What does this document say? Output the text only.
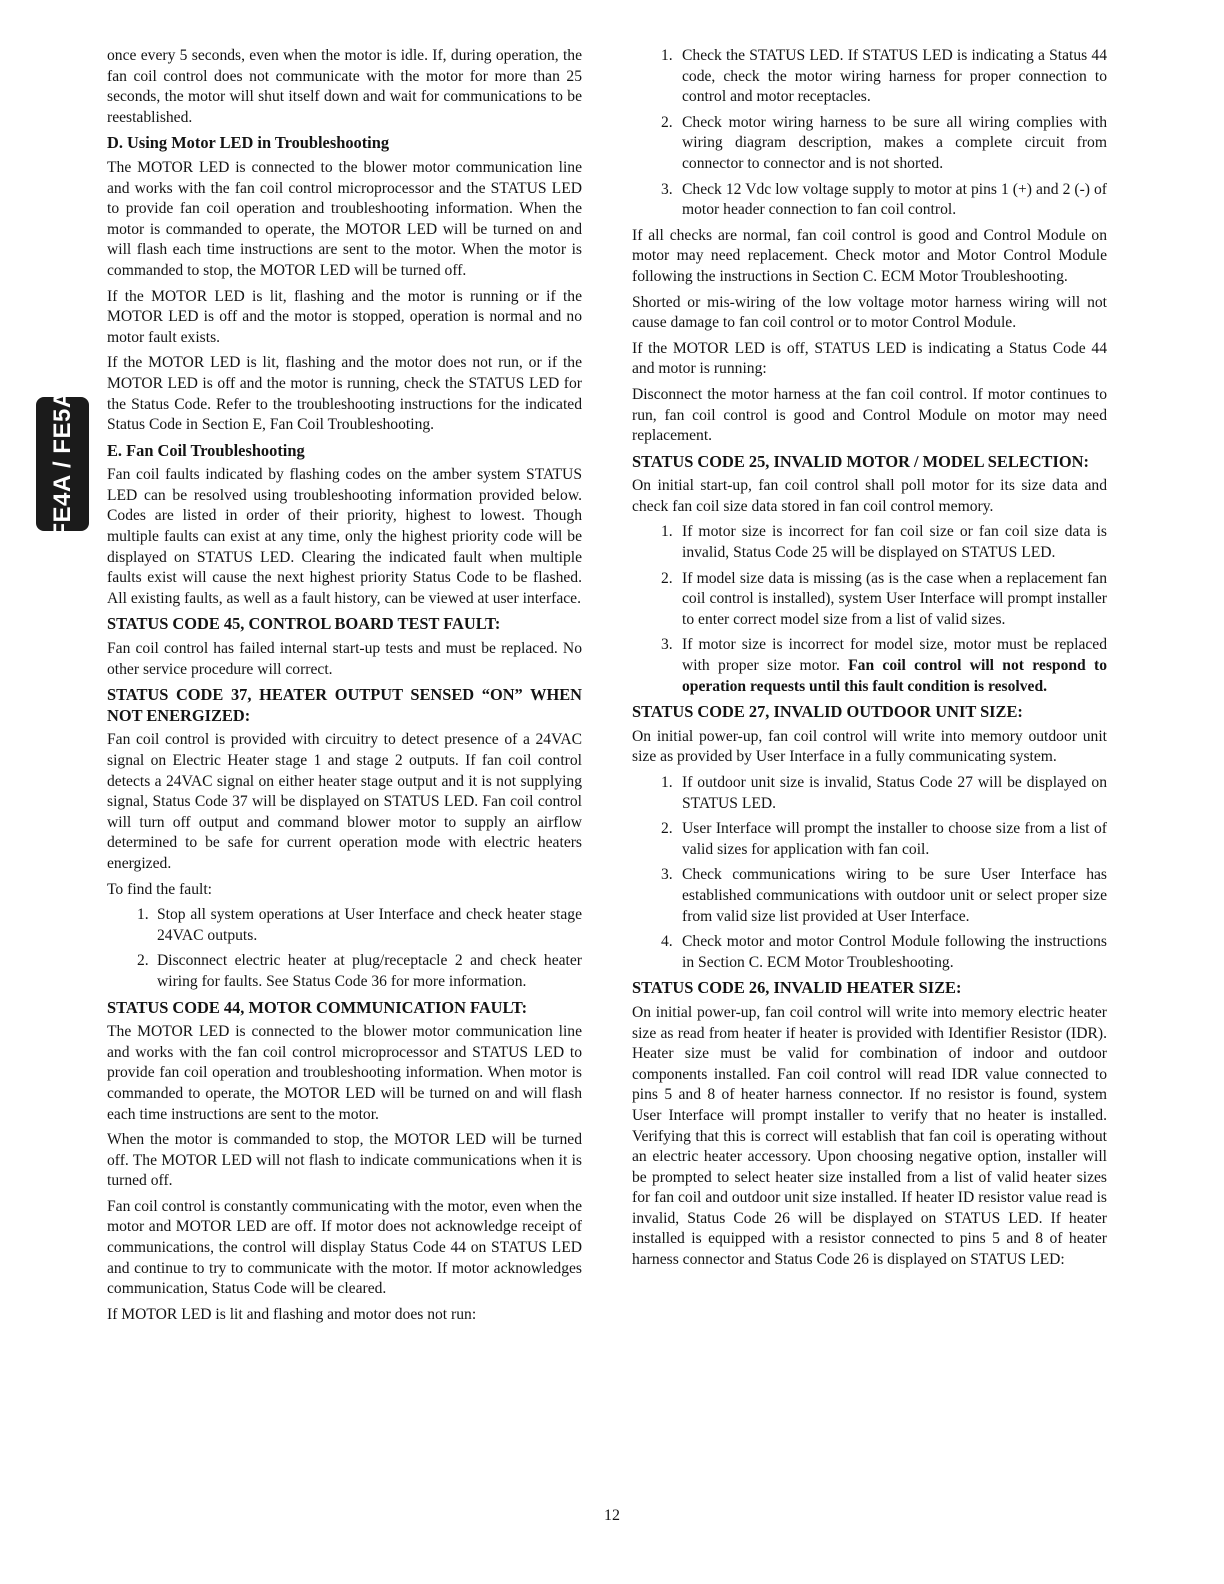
FE4A / FE5A

once every 5 seconds, even when the motor is idle. If, during operation, the fan coil control does not communicate with the motor for more than 25 seconds, the motor will shut itself down and wait for communications to be reestablished.

D. Using Motor LED in Troubleshooting

The MOTOR LED is connected to the blower motor communication line and works with the fan coil control microprocessor and the STATUS LED to provide fan coil operation and troubleshooting information. When the motor is commanded to operate, the MOTOR LED will be turned on and will flash each time instructions are sent to the motor. When the motor is commanded to stop, the MOTOR LED will be turned off.

If the MOTOR LED is lit, flashing and the motor is running or if the MOTOR LED is off and the motor is stopped, operation is normal and no motor fault exists.

If the MOTOR LED is lit, flashing and the motor does not run, or if the MOTOR LED is off and the motor is running, check the STATUS LED for the Status Code. Refer to the troubleshooting instructions for the indicated Status Code in Section E, Fan Coil Troubleshooting.

E. Fan Coil Troubleshooting

Fan coil faults indicated by flashing codes on the amber system STATUS LED can be resolved using troubleshooting information provided below. Codes are listed in order of their priority, highest to lowest. Though multiple faults can exist at any time, only the highest priority code will be displayed on STATUS LED. Clearing the indicated fault when multiple faults exist will cause the next highest priority Status Code to be flashed. All existing faults, as well as a fault history, can be viewed at user interface.

STATUS CODE 45, CONTROL BOARD TEST FAULT:

Fan coil control has failed internal start-up tests and must be replaced. No other service procedure will correct.

STATUS CODE 37, HEATER OUTPUT SENSED “ON” WHEN NOT ENERGIZED:

Fan coil control is provided with circuitry to detect presence of a 24VAC signal on Electric Heater stage 1 and stage 2 outputs. If fan coil control detects a 24VAC signal on either heater stage output and it is not supplying signal, Status Code 37 will be displayed on STATUS LED. Fan coil control will turn off output and command blower motor to supply an airflow determined to be safe for current operation mode with electric heaters energized.

To find the fault:

1. Stop all system operations at User Interface and check heater stage 24VAC outputs.
2. Disconnect electric heater at plug/receptacle 2 and check heater wiring for faults. See Status Code 36 for more information.
STATUS CODE 44, MOTOR COMMUNICATION FAULT:

The MOTOR LED is connected to the blower motor communication line and works with the fan coil control microprocessor and STATUS LED to provide fan coil operation and troubleshooting information. When motor is commanded to operate, the MOTOR LED will be turned on and will flash each time instructions are sent to the motor.

When the motor is commanded to stop, the MOTOR LED will be turned off. The MOTOR LED will not flash to indicate communications when it is turned off.

Fan coil control is constantly communicating with the motor, even when the motor and MOTOR LED are off. If motor does not acknowledge receipt of communications, the control will display Status Code 44 on STATUS LED and continue to try to communicate with the motor. If motor acknowledges communication, Status Code will be cleared.

If MOTOR LED is lit and flashing and motor does not run:

1. Check the STATUS LED. If STATUS LED is indicating a Status 44 code, check the motor wiring harness for proper connection to control and motor receptacles.
2. Check motor wiring harness to be sure all wiring complies with wiring diagram description, makes a complete circuit from connector to connector and is not shorted.
3. Check 12 Vdc low voltage supply to motor at pins 1 (+) and 2 (-) of motor header connection to fan coil control.

If all checks are normal, fan coil control is good and Control Module on motor may need replacement. Check motor and Motor Control Module following the instructions in Section C. ECM Motor Troubleshooting.

Shorted or mis-wiring of the low voltage motor harness wiring will not cause damage to fan coil control or to motor Control Module.

If the MOTOR LED is off, STATUS LED is indicating a Status Code 44 and motor is running:

Disconnect the motor harness at the fan coil control. If motor continues to run, fan coil control is good and Control Module on motor may need replacement.

STATUS CODE 25, INVALID MOTOR / MODEL SELECTION:

On initial start-up, fan coil control shall poll motor for its size data and check fan coil size data stored in fan coil control memory.

1. If motor size is incorrect for fan coil size or fan coil size data is invalid, Status Code 25 will be displayed on STATUS LED.
2. If model size data is missing (as is the case when a replacement fan coil control is installed), system User Interface will prompt installer to enter correct model size from a list of valid sizes.
3. If motor size is incorrect for model size, motor must be replaced with proper size motor. Fan coil control will not respond to operation requests until this fault condition is resolved.
STATUS CODE 27, INVALID OUTDOOR UNIT SIZE:

On initial power-up, fan coil control will write into memory outdoor unit size as provided by User Interface in a fully communicating system.

1. If outdoor unit size is invalid, Status Code 27 will be displayed on STATUS LED.
2. User Interface will prompt the installer to choose size from a list of valid sizes for application with fan coil.
3. Check communications wiring to be sure User Interface has established communications with outdoor unit or select proper size from valid size list provided at User Interface.
4. Check motor and motor Control Module following the instructions in Section C. ECM Motor Troubleshooting.
STATUS CODE 26, INVALID HEATER SIZE:

On initial power-up, fan coil control will write into memory electric heater size as read from heater if heater is provided with Identifier Resistor (IDR). Heater size must be valid for combination of indoor and outdoor components installed. Fan coil control will read IDR value connected to pins 5 and 8 of heater harness connector. If no resistor is found, system User Interface will prompt installer to verify that no heater is installed. Verifying that this is correct will establish that fan coil is operating without an electric heater accessory. Upon choosing negative option, installer will be prompted to select heater size installed from a list of valid heater sizes for fan coil and outdoor unit size installed. If heater ID resistor value read is invalid, Status Code 26 will be displayed on STATUS LED. If heater installed is equipped with a resistor connected to pins 5 and 8 of heater harness connector and Status Code 26 is displayed on STATUS LED:

12
